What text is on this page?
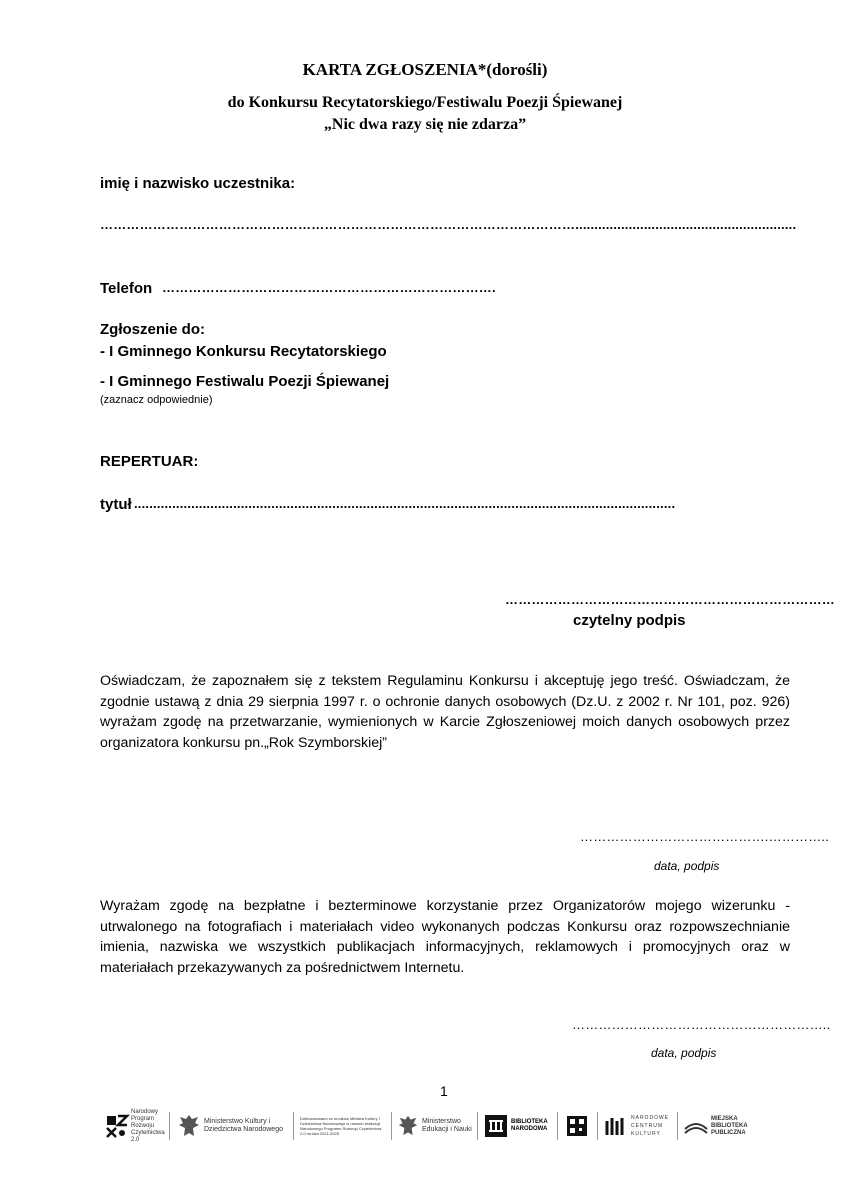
KARTA ZGŁOSZENIA*(dorośli)
do Konkursu Recytatorskiego/Festiwalu Poezji Śpiewanej
„Nic dwa razy się nie zdarza”
imię i nazwisko uczestnika:
………………………………………………………………………………………………..........................................................
Telefon ………………………………………………………………….
Zgłoszenie do:
- I Gminnego Konkursu Recytatorskiego
- I Gminnego Festiwalu Poezji Śpiewanej
(zaznacz odpowiednie)
REPERTUAR:
tytuł ..............................................................................................................................................
…………………………………………………………………
czytelny podpis
Oświadczam, że zapoznałem się z tekstem Regulaminu Konkursu i akceptuję jego treść. Oświadczam, że zgodnie ustawą z dnia 29 sierpnia 1997 r. o ochronie danych osobowych (Dz.U. z 2002 r. Nr 101, poz. 926) wyrażam zgodę na przetwarzanie, wymienionych w Karcie Zgłoszeniowej moich danych osobowych przez organizatora konkursu pn.„Rok Szymborskiej”
…………………………………….…………..
data, podpis
Wyrażam zgodę na bezpłatne i bezterminowe korzystanie przez Organizatorów mojego wizerunku - utrwalonego na fotografiach i materiałach video wykonanych podczas Konkursu oraz rozpowszechnianie imienia, nazwiska we wszystkich publikacjach informacyjnych, reklamowych i promocyjnych oraz w materiałach przekazywanych za pośrednictwem Internetu.
…………………………………………………..
data, podpis
1
Narodowy Program Rozwoju Czytelnictwa 2.0
Ministerstwo Kultury i Dziedzictwa Narodowego
Dofinansowano ze środków Ministra Kultury i Dziedzictwa Narodowego w ramach realizacji Narodowego Programu Rozwoju Czytelnictwa 2.0 na lata 2021-2025
Ministerstwo Edukacji i Nauki
BIBLIOTEKA NARODOWA
NARODOWE CENTRUM KULTURY
MIEJSKA BIBLIOTEKA PUBLICZNA
